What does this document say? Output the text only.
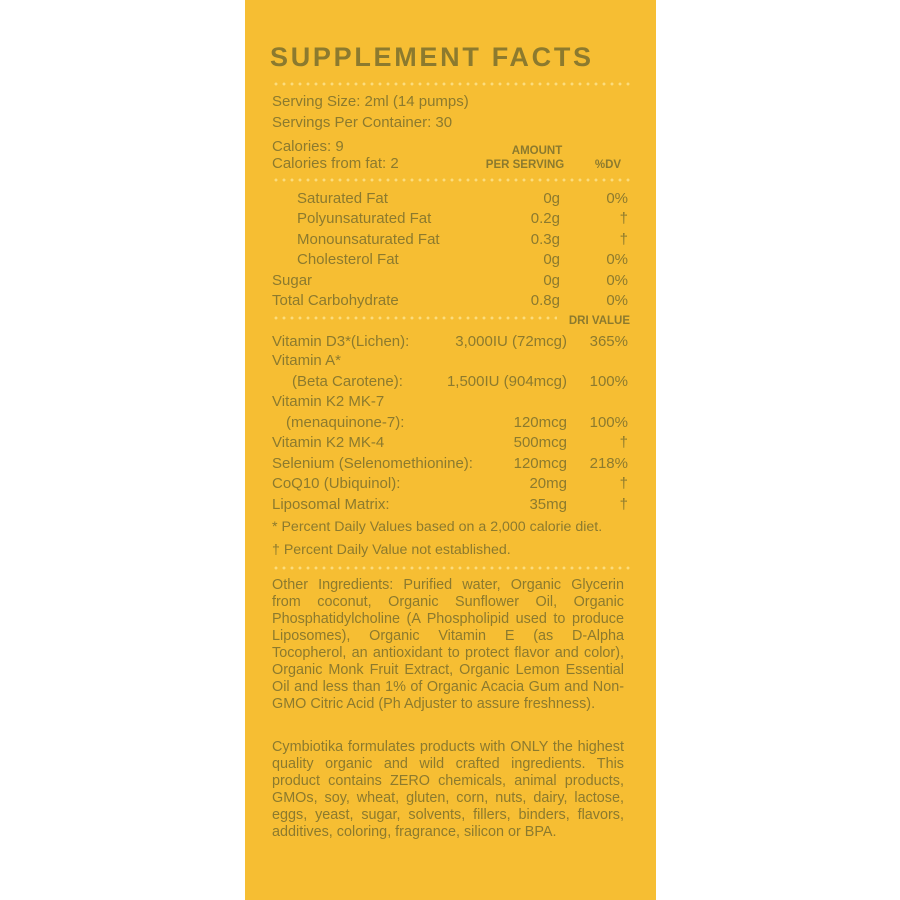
SUPPLEMENT FACTS
Serving Size: 2ml (14 pumps)
Servings Per Container: 30
Calories: 9
Calories from fat: 2
AMOUNT
PER SERVING	%DV
Saturated Fat	0g	0%
Polyunsaturated Fat	0.2g	†
Monounsaturated Fat	0.3g	†
Cholesterol Fat	0g	0%
Sugar	0g	0%
Total Carbohydrate	0.8g	0%
DRI VALUE
Vitamin D3*(Lichen):	3,000IU (72mcg)	365%
Vitamin A*
(Beta Carotene):	1,500IU (904mcg)	100%
Vitamin K2 MK-7
(menaquinone-7):	120mcg	100%
Vitamin K2 MK-4	500mcg	†
Selenium (Selenomethionine):	120mcg	218%
CoQ10 (Ubiquinol):	20mg	†
Liposomal Matrix:	35mg	†
* Percent Daily Values based on a 2,000 calorie diet.
† Percent Daily Value not established.
Other Ingredients: Purified water, Organic Glycerin from coconut, Organic Sunflower Oil, Organic Phosphatidylcholine (A Phospholipid used to produce Liposomes), Organic Vitamin E (as D-Alpha Tocopherol, an antioxidant to protect flavor and color), Organic Monk Fruit Extract, Organic Lemon Essential Oil and less than 1% of Organic Acacia Gum and Non-GMO Citric Acid (Ph Adjuster to assure freshness).
Cymbiotika formulates products with ONLY the highest quality organic and wild crafted ingredients. This product contains ZERO chemicals, animal products, GMOs, soy, wheat, gluten, corn, nuts, dairy, lactose, eggs, yeast, sugar, solvents, fillers, binders, flavors, additives, coloring, fragrance, silicon or BPA.
